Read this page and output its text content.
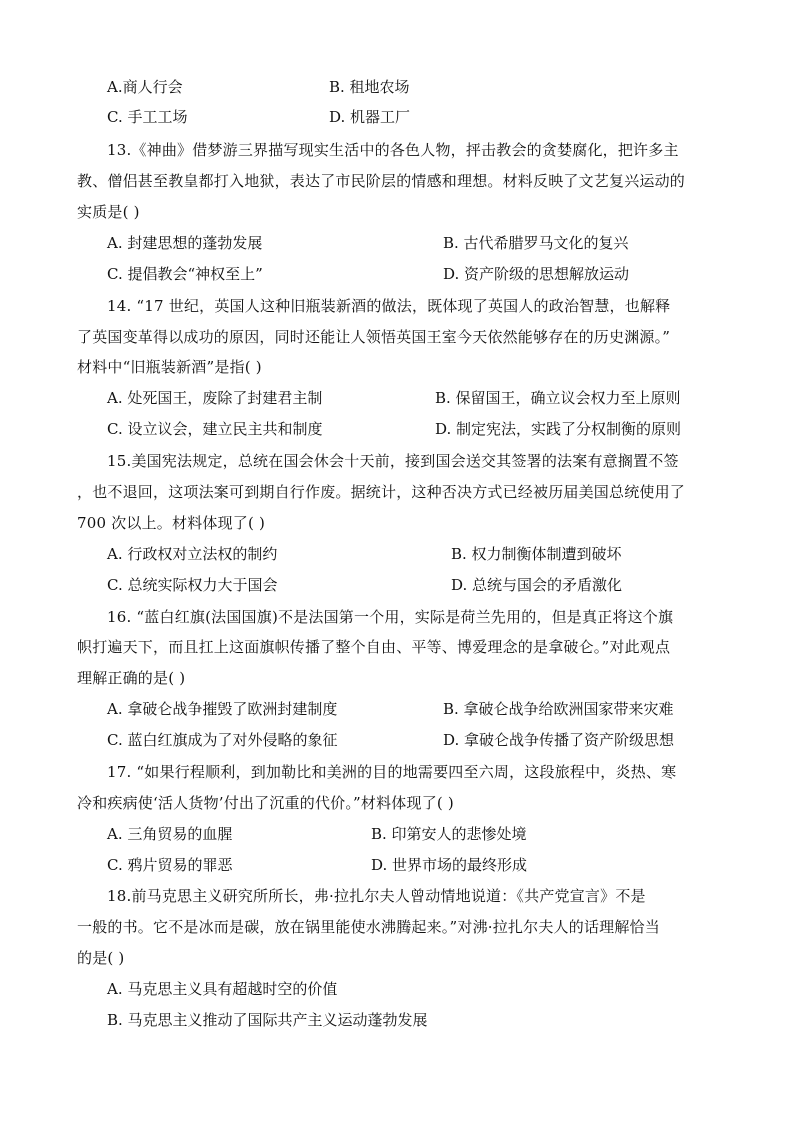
A.商人行会	B. 租地农场
C. 手工工场	D. 机器工厂
13.《神曲》借梦游三界描写现实生活中的各色人物，抨击教会的贪婪腐化，把许多主
教、僧侣甚至教皇都打入地狱，表达了市民阶层的情感和理想。材料反映了文艺复兴运动的
实质是( )
A. 封建思想的蓬勃发展	B. 古代希腊罗马文化的复兴
C. 提倡教会“神权至上”	D. 资产阶级的思想解放运动
14. “17 世纪，英国人这种旧瓶装新酒的做法，既体现了英国人的政治智慧，也解释
了英国变革得以成功的原因，同时还能让人领悟英国王室今天依然能够存在的历史渊源。”
材料中“旧瓶装新酒”是指( )
A. 处死国王，废除了封建君主制	B. 保留国王，确立议会权力至上原则
C. 设立议会，建立民主共和制度	D. 制定宪法，实践了分权制衡的原则
15.美国宪法规定，总统在国会休会十天前，接到国会送交其签署的法案有意搁置不签
，也不退回，这项法案可到期自行作废。据统计，这种否决方式已经被历届美国总统使用了
700 次以上。材料体现了( )
A. 行政权对立法权的制约	B. 权力制衡体制遭到破坏
C. 总统实际权力大于国会	D. 总统与国会的矛盾激化
16. “蓝白红旗(法国国旗)不是法国第一个用，实际是荷兰先用的，但是真正将这个旗
帜打遍天下，而且扛上这面旗帜传播了整个自由、平等、博爱理念的是拿破仑。”对此观点
理解正确的是( )
A. 拿破仑战争摧毁了欧洲封建制度	B. 拿破仑战争给欧洲国家带来灾难
C. 蓝白红旗成为了对外侵略的象征	D. 拿破仑战争传播了资产阶级思想
17. “如果行程顺利，到加勒比和美洲的目的地需要四至六周，这段旅程中，炎热、寒
冷和疾病使‘活人货物’付出了沉重的代价。”材料体现了( )
A. 三角贸易的血腥	B. 印第安人的悲惨处境
C. 鸦片贸易的罪恶	D. 世界市场的最终形成
18.前马克思主义研究所所长，弗·拉扎尔夫人曾动情地说道：《共产党宣言》不是
一般的书。它不是冰而是碳，放在锅里能使水沸腾起来。”对沸·拉扎尔夫人的话理解恰当
的是( )
A. 马克思主义具有超越时空的价值
B. 马克思主义推动了国际共产主义运动蓬勃发展
